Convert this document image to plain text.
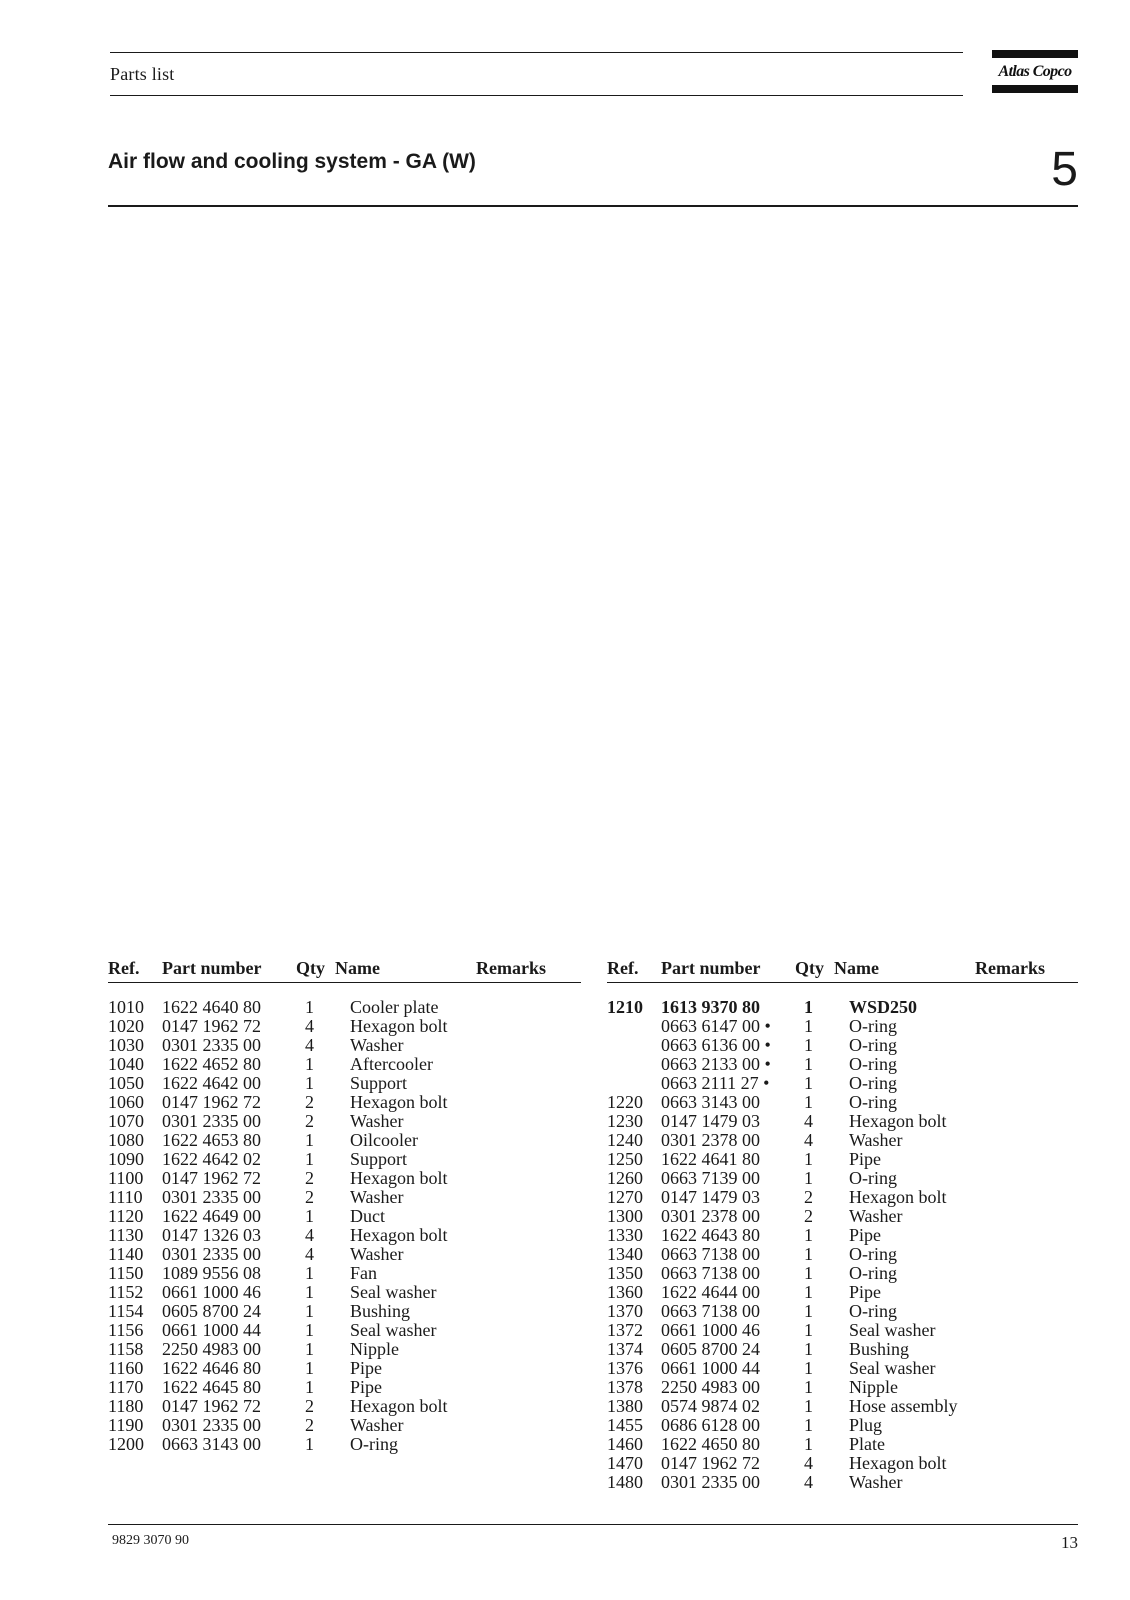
Parts list	Atlas Copco
Air flow and cooling system - GA (W)	5
Ref. Part number Qty Name	Remarks
1010 1622 4640 80 1 Cooler plate
1020 0147 1962 72 4 Hexagon bolt
1030 0301 2335 00 4 Washer
1040 1622 4652 80 1 Aftercooler
1050 1622 4642 00 1 Support
1060 0147 1962 72 2 Hexagon bolt
1070 0301 2335 00 2 Washer
1080 1622 4653 80 1 Oilcooler
1090 1622 4642 02 1 Support
1100 0147 1962 72 2 Hexagon bolt
1110 0301 2335 00 2 Washer
1120 1622 4649 00 1 Duct
1130 0147 1326 03 4 Hexagon bolt
1140 0301 2335 00 4 Washer
1150 1089 9556 08 1 Fan
1152 0661 1000 46 1 Seal washer
1154 0605 8700 24 1 Bushing
1156 0661 1000 44 1 Seal washer
1158 2250 4983 00 1 Nipple
1160 1622 4646 80 1 Pipe
1170 1622 4645 80 1 Pipe
1180 0147 1962 72 2 Hexagon bolt
1190 0301 2335 00 2 Washer
1200 0663 3143 00 1 O-ring
Ref. Part number Qty Name	Remarks
1210 1613 9370 80 1 WSD250
0663 6147 00 • 1 O-ring
0663 6136 00 • 1 O-ring
0663 2133 00 • 1 O-ring
0663 2111 27 • 1 O-ring
1220 0663 3143 00 1 O-ring
1230 0147 1479 03 4 Hexagon bolt
1240 0301 2378 00 4 Washer
1250 1622 4641 80 1 Pipe
1260 0663 7139 00 1 O-ring
1270 0147 1479 03 2 Hexagon bolt
1300 0301 2378 00 2 Washer
1330 1622 4643 80 1 Pipe
1340 0663 7138 00 1 O-ring
1350 0663 7138 00 1 O-ring
1360 1622 4644 00 1 Pipe
1370 0663 7138 00 1 O-ring
1372 0661 1000 46 1 Seal washer
1374 0605 8700 24 1 Bushing
1376 0661 1000 44 1 Seal washer
1378 2250 4983 00 1 Nipple
1380 0574 9874 02 1 Hose assembly
1455 0686 6128 00 1 Plug
1460 1622 4650 80 1 Plate
1470 0147 1962 72 4 Hexagon bolt
1480 0301 2335 00 4 Washer
9829 3070 90	13
